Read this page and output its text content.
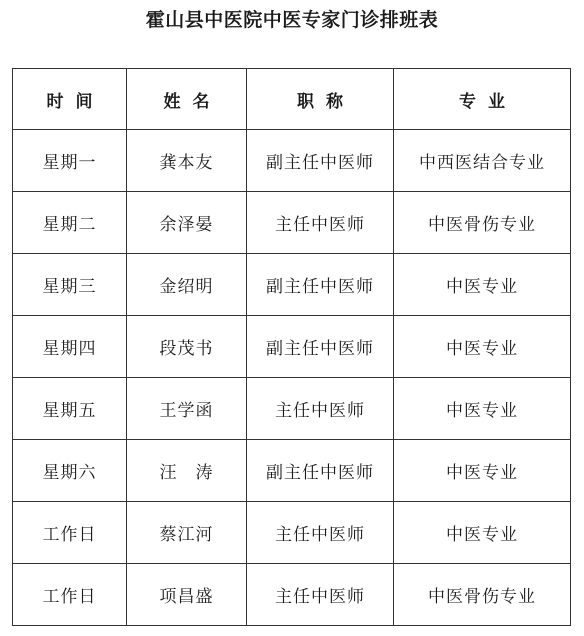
霍山县中医院中医专家门诊排班表
时间	姓名	职称	专业
星期一	龚本友	副主任中医师	中西医结合专业
星期二	余泽晏	主任中医师	中医骨伤专业
星期三	金绍明	副主任中医师	中医专业
星期四	段茂书	副主任中医师	中医专业
星期五	王学函	主任中医师	中医专业
星期六	汪　涛	副主任中医师	中医专业
工作日	蔡江河	主任中医师	中医专业
工作日	项昌盛	主任中医师	中医骨伤专业
